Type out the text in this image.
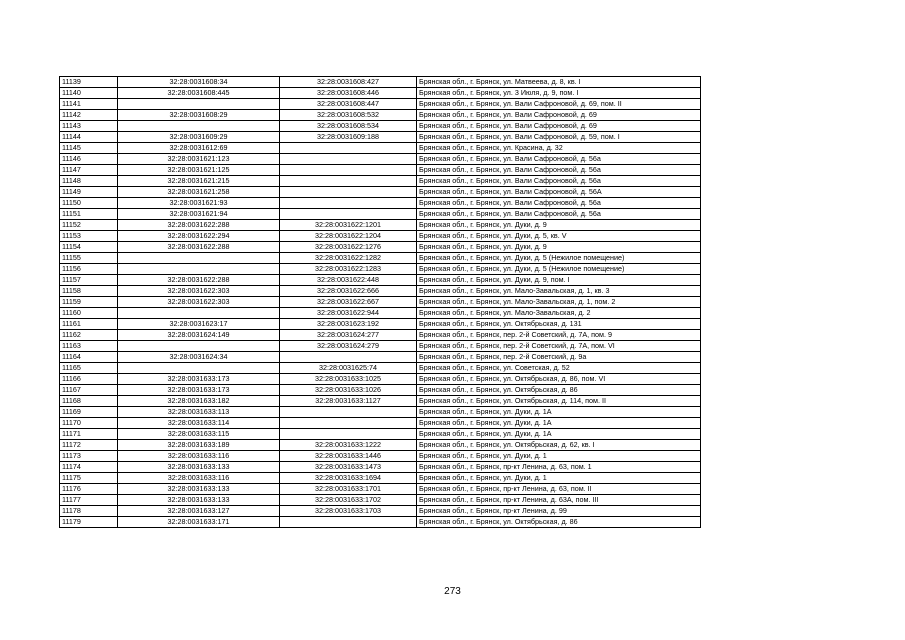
11139	32:28:0031608:34	32:28:0031608:427	Брянская обл., г. Брянск, ул. Матвеева, д. 8, кв. I
11140	32:28:0031608:445	32:28:0031608:446	Брянская обл., г. Брянск, ул. 3 Июля, д. 9, пом. I
11141		32:28:0031608:447	Брянская обл., г. Брянск, ул. Вали Сафроновой, д. 69, пом. II
11142	32:28:0031608:29	32:28:0031608:532	Брянская обл., г. Брянск, ул. Вали Сафроновой, д. 69
11143		32:28:0031608:534	Брянская обл., г. Брянск, ул. Вали Сафроновой, д. 69
11144	32:28:0031609:29	32:28:0031609:188	Брянская обл., г. Брянск, ул. Вали Сафроновой, д. 59, пом. I
11145	32:28:0031612:69		Брянская обл., г. Брянск, ул. Красина, д. 32
11146	32:28:0031621:123		Брянская обл., г. Брянск, ул. Вали Сафроновой, д. 56а
11147	32:28:0031621:125		Брянская обл., г. Брянск, ул. Вали Сафроновой, д. 56а
11148	32:28:0031621:215		Брянская обл., г. Брянск, ул. Вали Сафроновой, д. 56а
11149	32:28:0031621:258		Брянская обл., г. Брянск, ул. Вали Сафроновой, д. 56А
11150	32:28:0031621:93		Брянская обл., г. Брянск, ул. Вали Сафроновой, д. 56а
11151	32:28:0031621:94		Брянская обл., г. Брянск, ул. Вали Сафроновой, д. 56а
11152	32:28:0031622:288	32:28:0031622:1201	Брянская обл., г. Брянск, ул. Дуки, д. 9
11153	32:28:0031622:294	32:28:0031622:1204	Брянская обл., г. Брянск, ул. Дуки, д. 5, кв. V
11154	32:28:0031622:288	32:28:0031622:1276	Брянская обл., г. Брянск, ул. Дуки, д. 9
11155		32:28:0031622:1282	Брянская обл., г. Брянск, ул. Дуки, д. 5 (Нежилое помещение)
11156		32:28:0031622:1283	Брянская обл., г. Брянск, ул. Дуки, д. 5 (Нежилое помещение)
11157	32:28:0031622:288	32:28:0031622:448	Брянская обл., г. Брянск, ул. Дуки, д. 9, пом. I
11158	32:28:0031622:303	32:28:0031622:666	Брянская обл., г. Брянск, ул. Мало-Завальская, д. 1, кв. 3
11159	32:28:0031622:303	32:28:0031622:667	Брянская обл., г. Брянск, ул. Мало-Завальская, д. 1, пом. 2
11160		32:28:0031622:944	Брянская обл., г. Брянск, ул. Мало-Завальская, д. 2
11161	32:28:0031623:17	32:28:0031623:192	Брянская обл., г. Брянск, ул. Октябрьская, д. 131
11162	32:28:0031624:149	32:28:0031624:277	Брянская обл., г. Брянск, пер. 2-й Советский, д. 7А, пом. 9
11163		32:28:0031624:279	Брянская обл., г. Брянск, пер. 2-й Советский, д. 7А, пом. VI
11164	32:28:0031624:34		Брянская обл., г. Брянск, пер. 2-й Советский, д. 9а
11165		32:28:0031625:74	Брянская обл., г. Брянск, ул. Советская, д. 52
11166	32:28:0031633:173	32:28:0031633:1025	Брянская обл., г. Брянск, ул. Октябрьская, д. 86, пом. VI
11167	32:28:0031633:173	32:28:0031633:1026	Брянская обл., г. Брянск, ул. Октябрьская, д. 86
11168	32:28:0031633:182	32:28:0031633:1127	Брянская обл., г. Брянск, ул. Октябрьская, д. 114, пом. II
11169	32:28:0031633:113		Брянская обл., г. Брянск, ул. Дуки, д. 1А
11170	32:28:0031633:114		Брянская обл., г. Брянск, ул. Дуки, д. 1А
11171	32:28:0031633:115		Брянская обл., г. Брянск, ул. Дуки, д. 1А
11172	32:28:0031633:189	32:28:0031633:1222	Брянская обл., г. Брянск, ул. Октябрьская, д. 62, кв. I
11173	32:28:0031633:116	32:28:0031633:1446	Брянская обл., г. Брянск, ул. Дуки, д. 1
11174	32:28:0031633:133	32:28:0031633:1473	Брянская обл., г. Брянск, пр-кт Ленина, д. 63, пом. 1
11175	32:28:0031633:116	32:28:0031633:1694	Брянская обл., г. Брянск, ул. Дуки, д. 1
11176	32:28:0031633:133	32:28:0031633:1701	Брянская обл., г. Брянск, пр-кт Ленина, д. 63, пом. II
11177	32:28:0031633:133	32:28:0031633:1702	Брянская обл., г. Брянск, пр-кт Ленина, д. 63А, пом. III
11178	32:28:0031633:127	32:28:0031633:1703	Брянская обл., г. Брянск, пр-кт Ленина, д. 99
11179	32:28:0031633:171		Брянская обл., г. Брянск, ул. Октябрьская, д. 86
273
